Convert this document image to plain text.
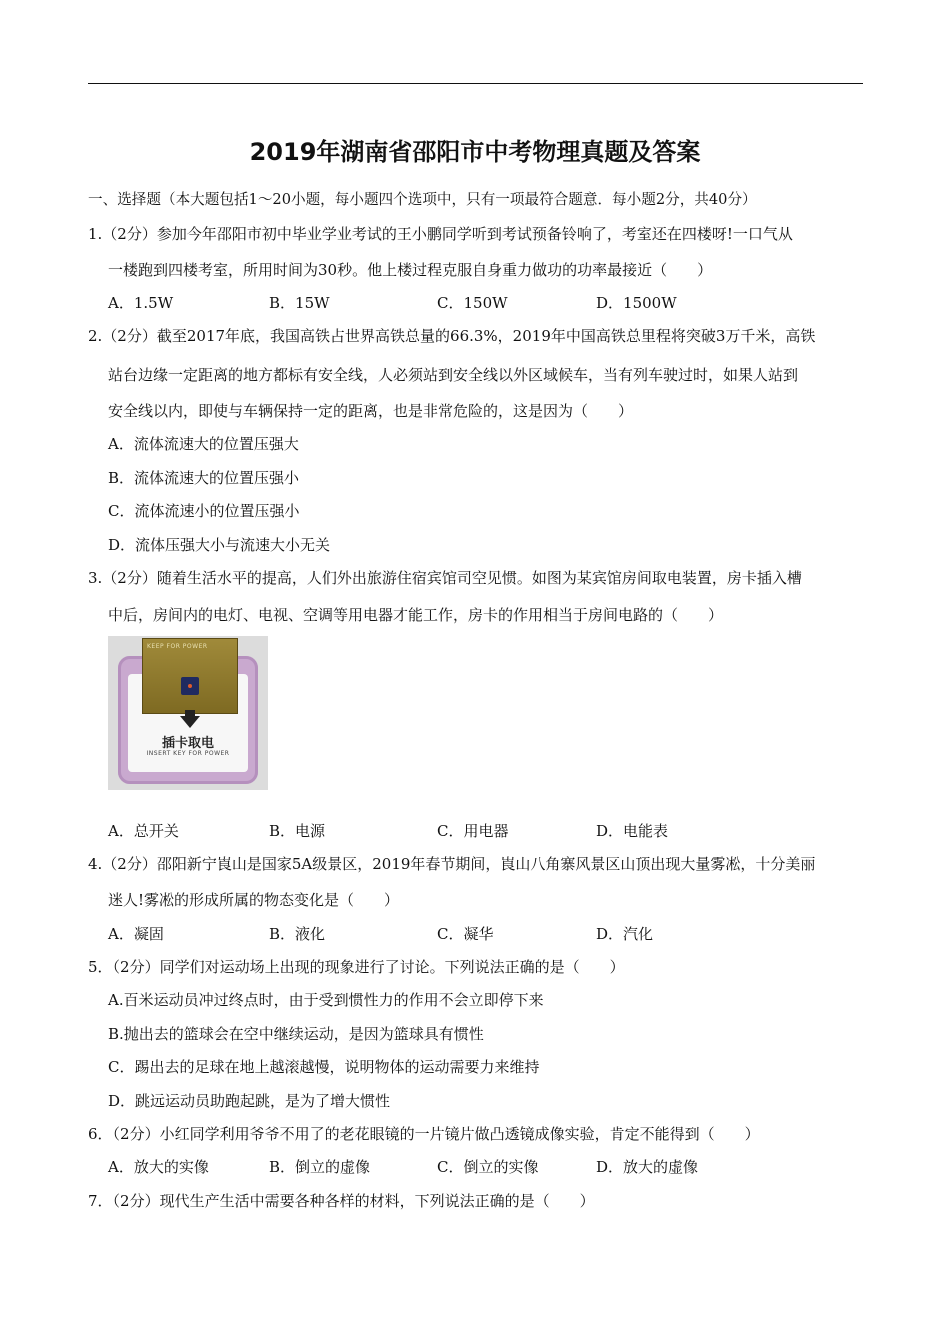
2019年湖南省邵阳市中考物理真题及答案
一、选择题（本大题包括1～20小题，每小题四个选项中，只有一项最符合题意．每小题2分，共40分）
1.（2分）参加今年邵阳市初中毕业学业考试的王小鹏同学听到考试预备铃响了，考室还在四楼呀!一口气从
一楼跑到四楼考室，所用时间为30秒。他上楼过程克服自身重力做功的功率最接近（　　）
A．1.5W	B．15W	C．150W	D．1500W
2.（2分）截至2017年底，我国高铁占世界高铁总量的66.3%，2019年中国高铁总里程将突破3万千米，高铁
站台边缘一定距离的地方都标有安全线，人必须站到安全线以外区域候车，当有列车驶过时，如果人站到
安全线以内，即使与车辆保持一定的距离，也是非常危险的，这是因为（　　）
A．流体流速大的位置压强大
B．流体流速大的位置压强小
C．流体流速小的位置压强小
D．流体压强大小与流速大小无关
3.（2分）随着生活水平的提高，人们外出旅游住宿宾馆司空见惯。如图为某宾馆房间取电装置，房卡插入槽
中后，房间内的电灯、电视、空调等用电器才能工作，房卡的作用相当于房间电路的（　　）
KEEP FOR POWER
插卡取电
INSERT KEY FOR POWER
A．总开关	B．电源	C．用电器	D．电能表
4.（2分）邵阳新宁崀山是国家5A级景区，2019年春节期间，崀山八角寨风景区山顶出现大量雾凇，十分美丽
迷人!雾凇的形成所属的物态变化是（　　）
A．凝固	B．液化	C．凝华	D．汽化
5．（2分）同学们对运动场上出现的现象进行了讨论。下列说法正确的是（　　）
A.百米运动员冲过终点时，由于受到惯性力的作用不会立即停下来
B.抛出去的篮球会在空中继续运动，是因为篮球具有惯性
C．踢出去的足球在地上越滚越慢，说明物体的运动需要力来维持
D．跳远运动员助跑起跳，是为了增大惯性
6．（2分）小红同学利用爷爷不用了的老花眼镜的一片镜片做凸透镜成像实验，肯定不能得到（　　）
A．放大的实像	B．倒立的虚像	C．倒立的实像	D．放大的虚像
7．（2分）现代生产生活中需要各种各样的材料，下列说法正确的是（　　）
